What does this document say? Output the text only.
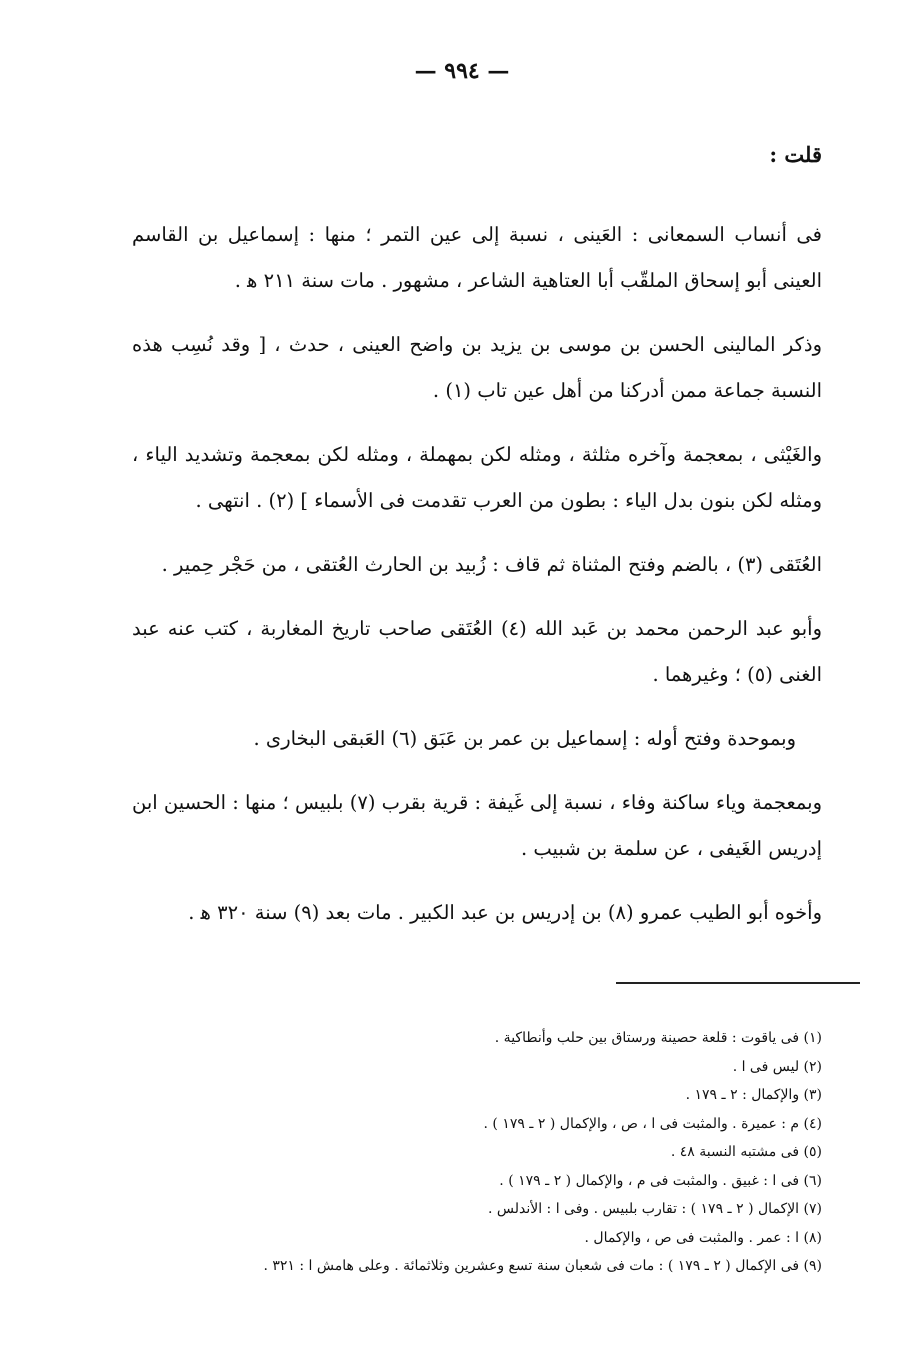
— ٩٩٤ —
قلت :

فى أنساب السمعانى : العَينى ، نسبة إلى عين التمر ؛ منها : إسماعيل بن القاسم العينى أبو إسحاق الملقّب أبا العتاهية الشاعر ، مشهور . مات سنة ٢١١ ﻫ .

وذكر المالينى الحسن بن موسى بن يزيد بن واضح العينى ، حدث ، [ وقد نُسِب هذه النسبة جماعة ممن أدركنا من أهل عين تاب (١) .

والغَيْثى ، بمعجمة وآخره مثلثة ، ومثله لكن بمهملة ، ومثله لكن بمعجمة وتشديد الياء ، ومثله لكن بنون بدل الياء : بطون من العرب تقدمت فى الأسماء ] (٢) . انتهى .

العُتَقى (٣) ، بالضم وفتح المثناة ثم قاف : زُبيد بن الحارث العُتقى ، من حَجْر حِمير .

وأبو عبد الرحمن محمد بن عَبد الله (٤) العُتَقى صاحب تاريخ المغاربة ، كتب عنه عبد الغنى (٥) ؛ وغيرهما .

وبموحدة وفتح أوله : إسماعيل بن عمر بن عَبَق (٦) العَبقى البخارى .

وبمعجمة وياء ساكنة وفاء ، نسبة إلى غَيفة : قرية بقرب (٧) بلبيس ؛ منها : الحسين ابن إدريس الغَيفى ، عن سلمة بن شبيب .

وأخوه أبو الطيب عمرو (٨) بن إدريس بن عبد الكبير . مات بعد (٩) سنة ٣٢٠ ﻫ .

(١) فى ياقوت : قلعة حصينة ورستاق بين حلب وأنطاكية .

(٢) ليس فى ا .

(٣) والإكمال : ٢ ـ ١٧٩ .

(٤) م : عميرة . والمثبت فى ا ، ص ، والإكمال ( ٢ ـ ١٧٩ ) .

(٥) فى مشتبه النسبة ٤٨ .

(٦) فى ا : غبيق . والمثبت فى م ، والإكمال ( ٢ ـ ١٧٩ ) .

(٧) الإكمال ( ٢ ـ ١٧٩ ) : تقارب بلبيس . وفى ا : الأندلس .

(٨) ا : عمر . والمثبت فى ص ، والإكمال .

(٩) فى الإكمال ( ٢ ـ ١٧٩ ) : مات فى شعبان سنة تسع وعشرين وثلاثمائة . وعلى هامش ا : ٣٢١ .
